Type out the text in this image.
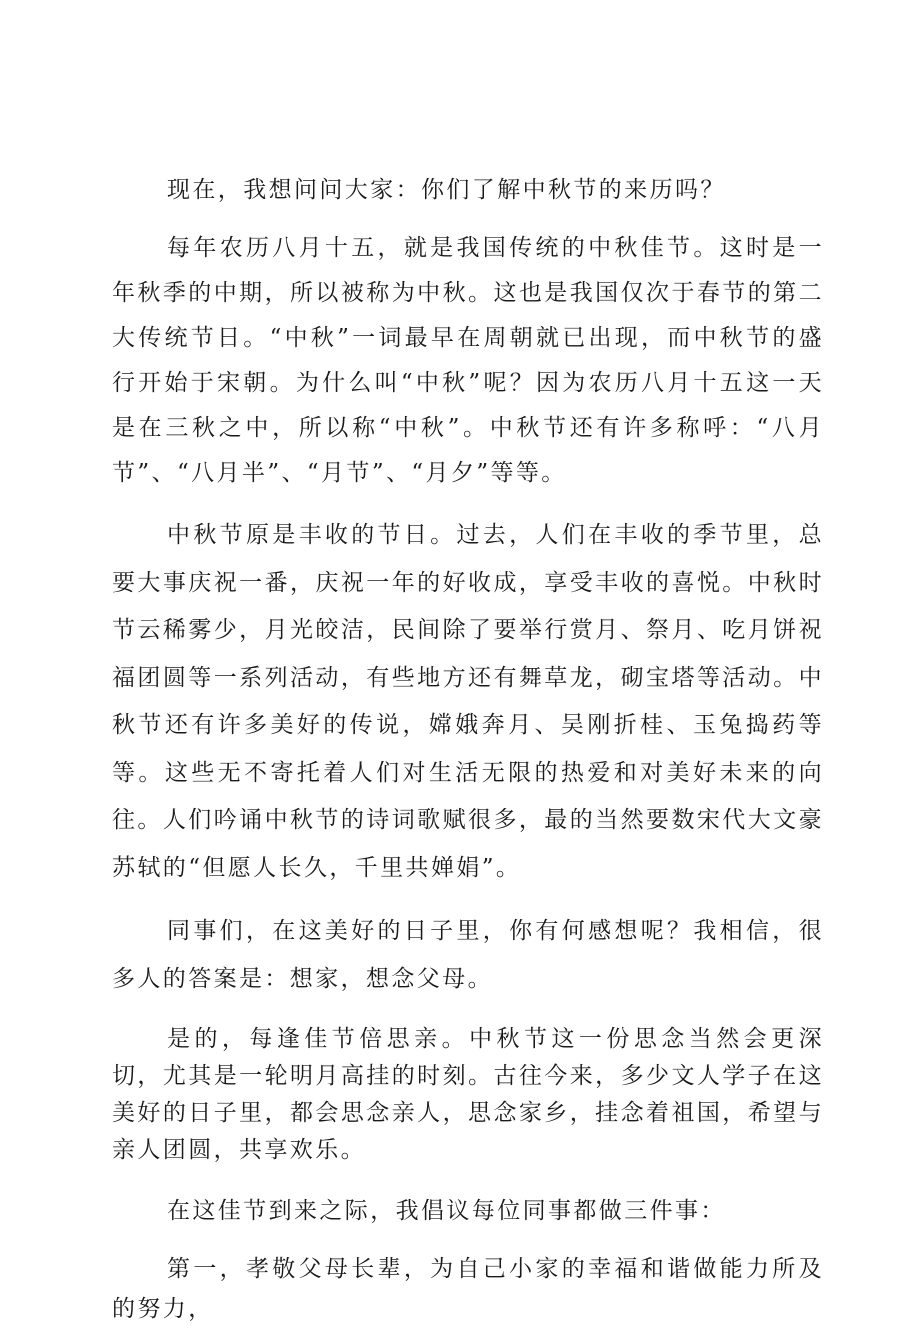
现在，我想问问大家：你们了解中秋节的来历吗？

每年农历八月十五，就是我国传统的中秋佳节。这时是一年秋季的中期，所以被称为中秋。这也是我国仅次于春节的第二大传统节日。“中秋”一词最早在周朝就已出现，而中秋节的盛行开始于宋朝。为什么叫“中秋”呢？因为农历八月十五这一天是在三秋之中，所以称“中秋”。中秋节还有许多称呼：“八月节”、“八月半”、“月节”、“月夕”等等。

中秋节原是丰收的节日。过去，人们在丰收的季节里，总要大事庆祝一番，庆祝一年的好收成，享受丰收的喜悦。中秋时节云稀雾少，月光皎洁，民间除了要举行赏月、祭月、吃月饼祝福团圆等一系列活动，有些地方还有舞草龙，砌宝塔等活动。中秋节还有许多美好的传说，嫦娥奔月、吴刚折桂、玉兔捣药等等。这些无不寄托着人们对生活无限的热爱和对美好未来的向往。人们吟诵中秋节的诗词歌赋很多，最的当然要数宋代大文豪苏轼的“但愿人长久，千里共婵娟”。

同事们，在这美好的日子里，你有何感想呢？我相信，很多人的答案是：想家，想念父母。

是的，每逢佳节倍思亲。中秋节这一份思念当然会更深切，尤其是一轮明月高挂的时刻。古往今来，多少文人学子在这美好的日子里，都会思念亲人，思念家乡，挂念着祖国，希望与亲人团圆，共享欢乐。

在这佳节到来之际，我倡议每位同事都做三件事：

第一，孝敬父母长辈，为自己小家的幸福和谐做能力所及的努力，
